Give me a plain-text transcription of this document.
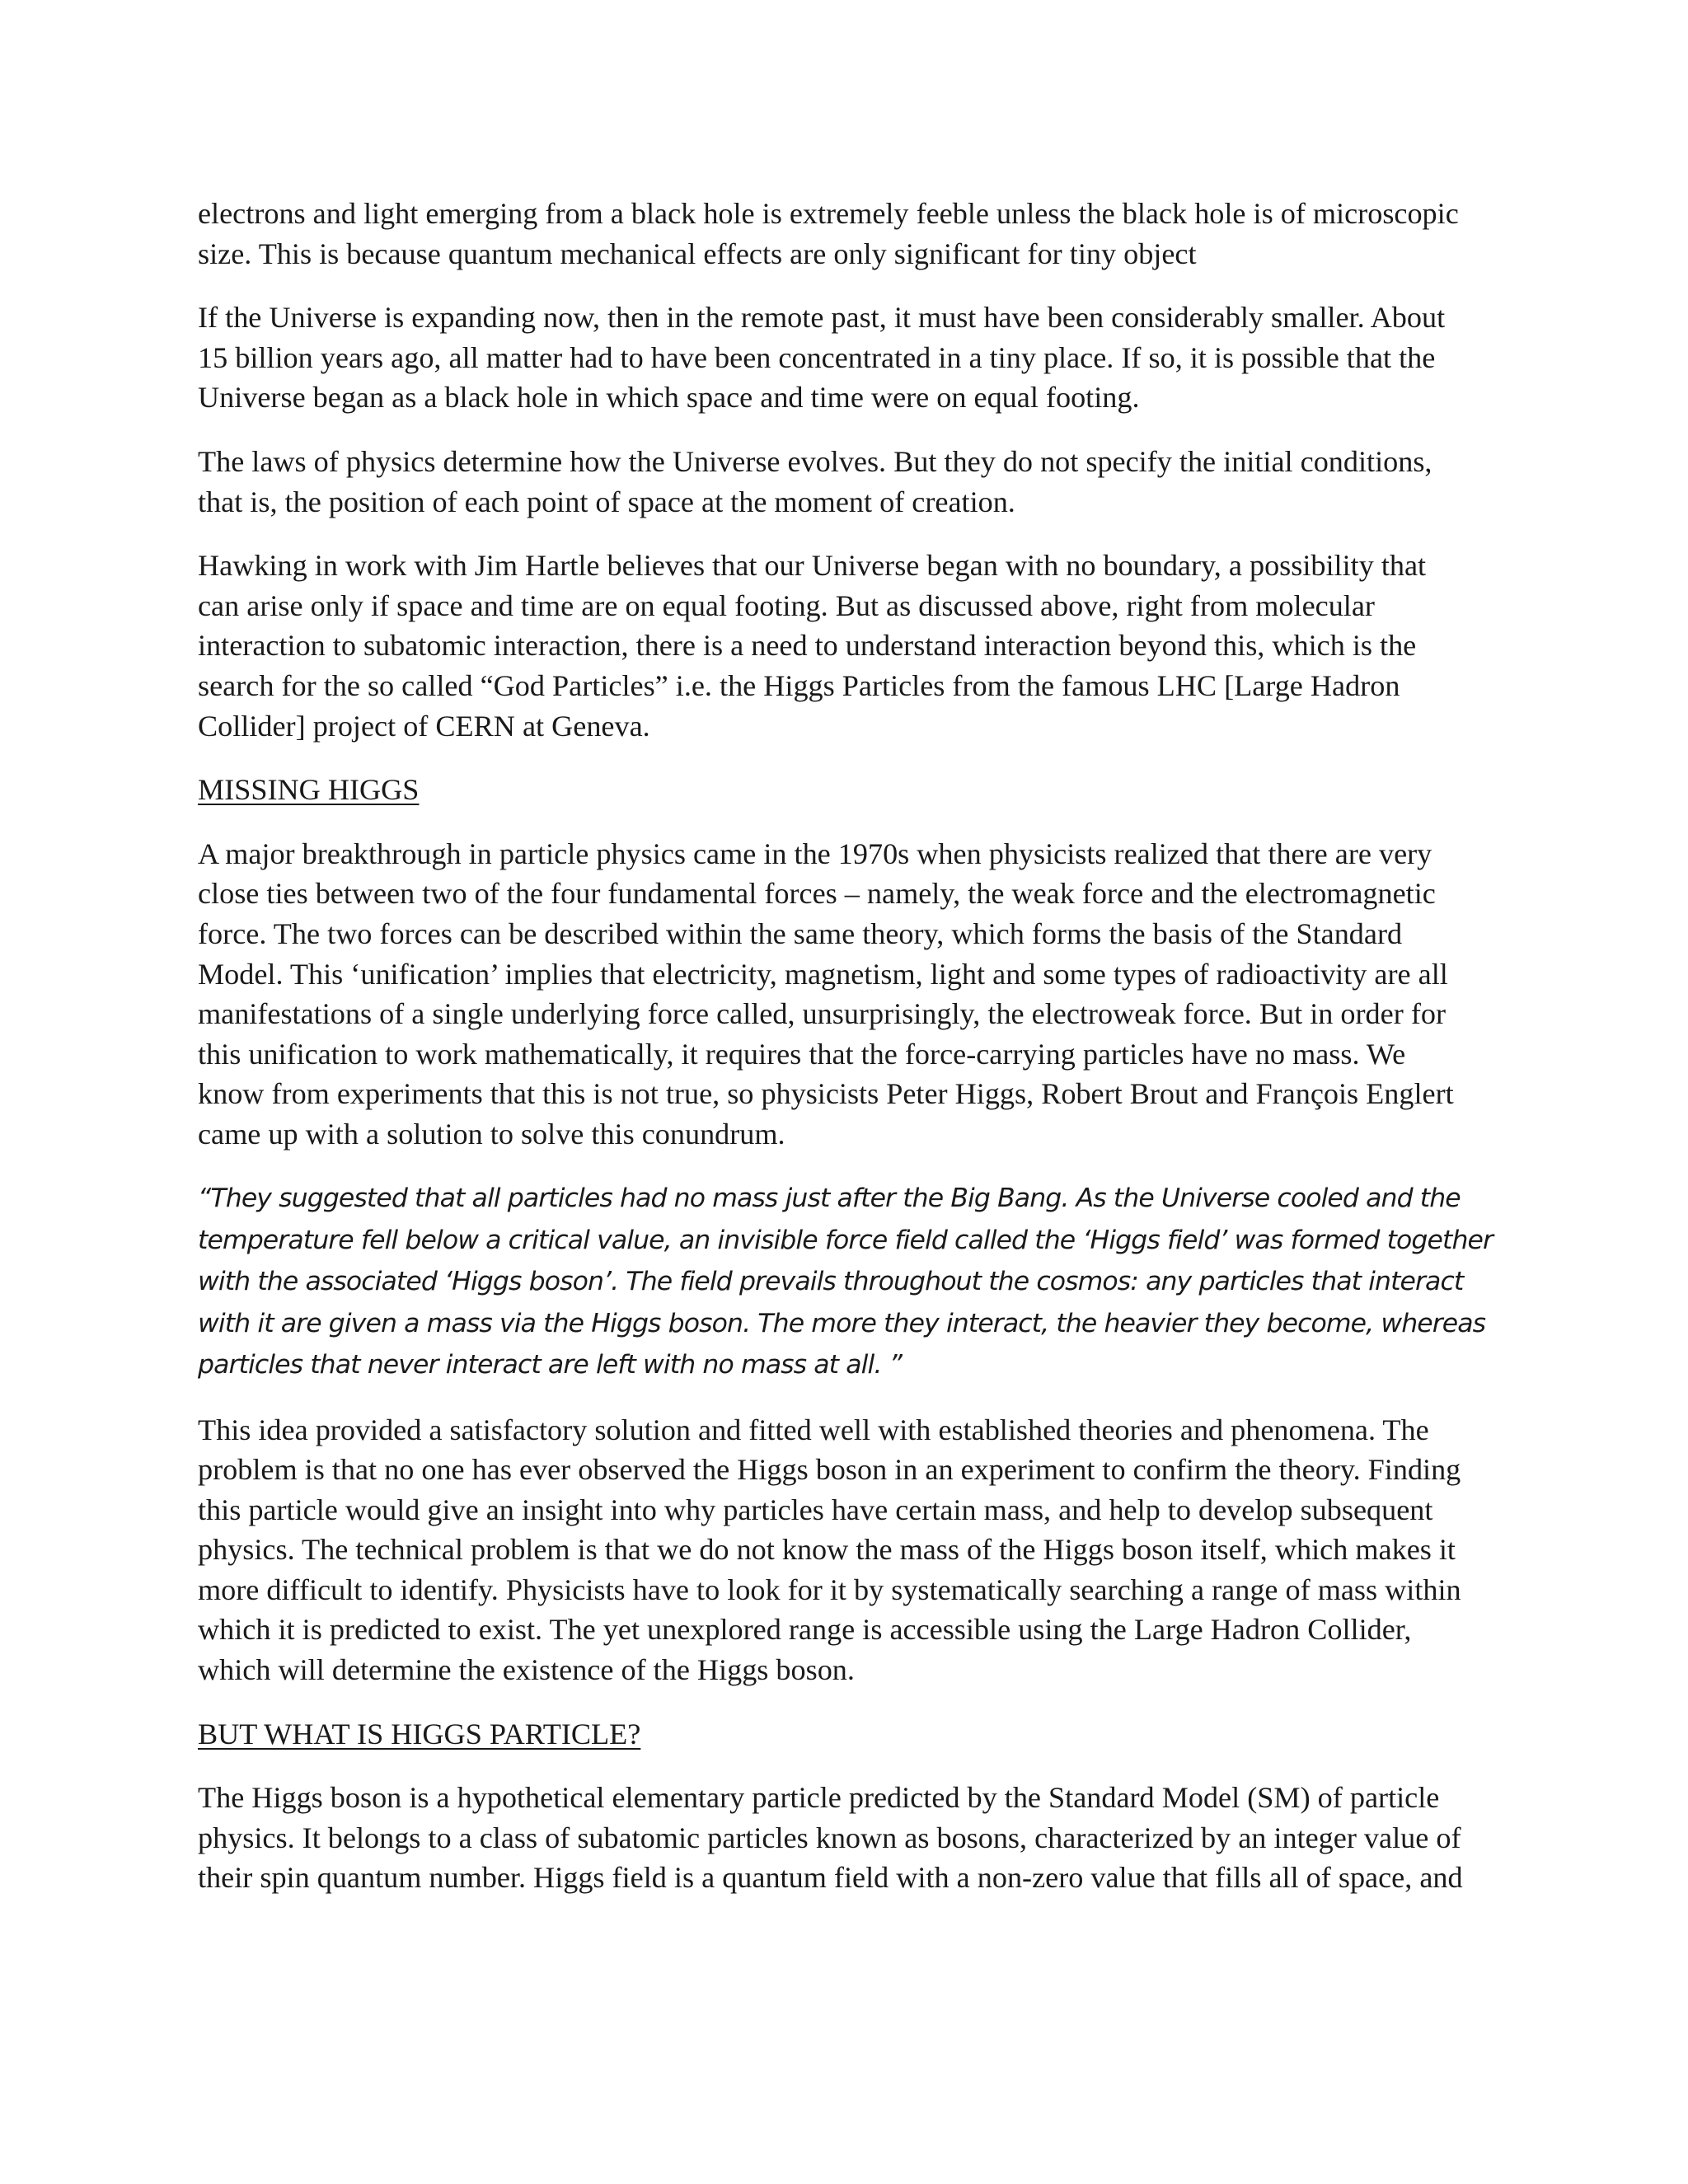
electrons and light emerging from a black hole is extremely feeble unless the black hole is of microscopic
size. This is because quantum mechanical effects are only significant for tiny object

If the Universe is expanding now, then in the remote past, it must have been considerably smaller. About
15 billion years ago, all matter had to have been concentrated in a tiny place. If so, it is possible that the
Universe began as a black hole in which space and time were on equal footing.

The laws of physics determine how the Universe evolves. But they do not specify the initial conditions,
that is, the position of each point of space at the moment of creation.

Hawking in work with Jim Hartle believes that our Universe began with no boundary, a possibility that
can arise only if space and time are on equal footing. But as discussed above, right from molecular
interaction to subatomic interaction, there is a need to understand interaction beyond this, which is the
search for the so called “God Particles” i.e. the Higgs Particles from the famous LHC [Large Hadron
Collider] project of CERN at Geneva.

MISSING HIGGS

A major breakthrough in particle physics came in the 1970s when physicists realized that there are very
close ties between two of the four fundamental forces – namely, the weak force and the electromagnetic
force. The two forces can be described within the same theory, which forms the basis of the Standard
Model. This ‘unification’ implies that electricity, magnetism, light and some types of radioactivity are all
manifestations of a single underlying force called, unsurprisingly, the electroweak force. But in order for
this unification to work mathematically, it requires that the force-carrying particles have no mass. We
know from experiments that this is not true, so physicists Peter Higgs, Robert Brout and François Englert
came up with a solution to solve this conundrum.

“They suggested that all particles had no mass just after the Big Bang. As the Universe cooled and the
temperature fell below a critical value, an invisible force field called the ‘Higgs field’ was formed together
with the associated ‘Higgs boson’. The field prevails throughout the cosmos: any particles that interact
with it are given a mass via the Higgs boson. The more they interact, the heavier they become, whereas
particles that never interact are left with no mass at all. ”

This idea provided a satisfactory solution and fitted well with established theories and phenomena. The
problem is that no one has ever observed the Higgs boson in an experiment to confirm the theory. Finding
this particle would give an insight into why particles have certain mass, and help to develop subsequent
physics. The technical problem is that we do not know the mass of the Higgs boson itself, which makes it
more difficult to identify. Physicists have to look for it by systematically searching a range of mass within
which it is predicted to exist. The yet unexplored range is accessible using the Large Hadron Collider,
which will determine the existence of the Higgs boson.

BUT WHAT IS HIGGS PARTICLE?

The Higgs boson is a hypothetical elementary particle predicted by the Standard Model (SM) of particle
physics. It belongs to a class of subatomic particles known as bosons, characterized by an integer value of
their spin quantum number. Higgs field is a quantum field with a non-zero value that fills all of space, and
